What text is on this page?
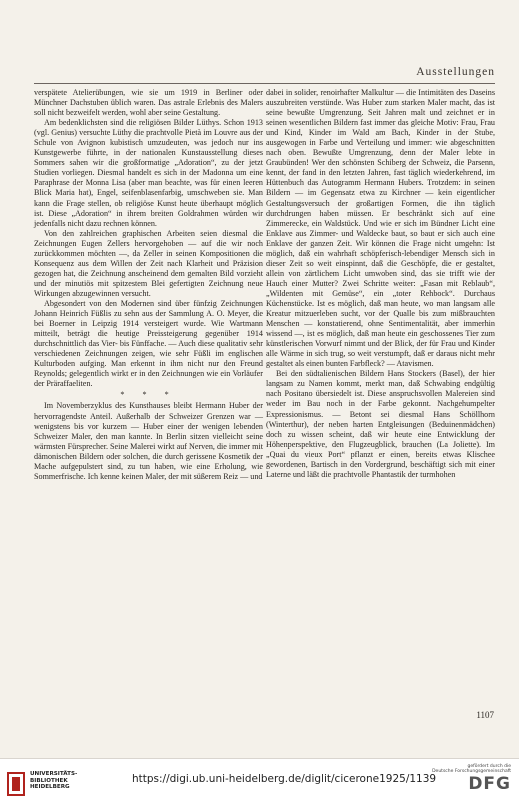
Ausstellungen

verspätete Atelierübungen, wie sie um 1919 in Berliner oder Münchner Dachstuben üblich waren. Das astrale Erlebnis des Malers soll nicht bezweifelt werden, wohl aber seine Gestaltung.

Am bedenklichsten sind die religiösen Bilder Lüthys. Schon 1913 (vgl. Genius) versuchte Lüthy die prachtvolle Pietà im Louvre aus der Schule von Avignon kubistisch umzudeuten, was jedoch nur ins Kunstgewerbe führte, in der nationalen Kunstausstellung dieses Sommers sahen wir die großformatige „Adoration“, zu der jetzt Studien vorliegen. Diesmal handelt es sich in der Madonna um eine Paraphrase der Monna Lisa (aber man beachte, was für einen leeren Blick Maria hat), Engel, seifenblasenfarbig, umschweben sie. Man kann die Frage stellen, ob religiöse Kunst heute überhaupt möglich ist. Diese „Adoration“ in ihrem breiten Goldrahmen würden wir jedenfalls nicht dazu rechnen können.

Von den zahlreichen graphischen Arbeiten seien diesmal die Zeichnungen Eugen Zellers hervorgehoben — auf die wir noch zurückkommen möchten —, da Zeller in seinen Kompositionen die Konsequenz aus dem Willen der Zeit nach Klarheit und Präzision gezogen hat, die Zeichnung anscheinend dem gemalten Bild vorzieht und der minutiös mit spitzestem Blei gefertigten Zeichnung neue Wirkungen abzugewinnen versucht.

Abgesondert von den Modernen sind über fünfzig Zeichnungen Johann Heinrich Füßlis zu sehn aus der Sammlung A. O. Meyer, die bei Boerner in Leipzig 1914 versteigert wurde. Wie Wartmann mitteilt, beträgt die heutige Preissteigerung gegenüber 1914 durchschnittlich das Vier- bis Fünffache. — Auch diese qualitativ sehr verschiedenen Zeichnungen zeigen, wie sehr Füßli im englischen Kulturboden aufging. Man erkennt in ihm nicht nur den Freund Reynolds; gelegentlich wirkt er in den Zeichnungen wie ein Vorläufer der Präraffaeliten.

* * *

Im Novemberzyklus des Kunsthauses bleibt Hermann Huber der hervorragendste Anteil. Außerhalb der Schweizer Grenzen war — wenigstens bis vor kurzem — Huber einer der wenigen lebenden Schweizer Maler, den man kannte. In Berlin sitzen vielleicht seine wärmsten Fürsprecher. Seine Malerei wirkt auf Nerven, die immer mit dämonischen Bildern oder solchen, die durch gerissene Kosmetik der Mache aufgepulstert sind, zu tun haben, wie eine Erholung, wie Sommerfrische. Ich kenne keinen Maler, der mit süßerem Reiz — und

dabei in solider, renoirhafter Malkultur — die Intimitäten des Daseins auszubreiten verstünde. Was Huber zum starken Maler macht, das ist seine bewußte Umgrenzung. Seit Jahren malt und zeichnet er in seinen wesentlichen Bildern fast immer das gleiche Motiv: Frau, Frau und Kind, Kinder im Wald am Bach, Kinder in der Stube, ausgewogen in Farbe und Verteilung und immer: wie abgeschnitten nach oben. Bewußte Umgrenzung, denn der Maler lebte in Graubünden! Wer den schönsten Schiberg der Schweiz, die Parsenn, kennt, der fand in den letzten Jahren, fast täglich wiederkehrend, im Hüttenbuch das Autogramm Hermann Hubers. Trotzdem: in seinen Bildern — im Gegensatz etwa zu Kirchner — kein eigentlicher Gestaltungsversuch der großartigen Formen, die ihn täglich durchdrungen haben müssen. Er beschränkt sich auf eine Zimmerecke, ein Waldstück. Und wie er sich im Bündner Licht eine Enklave aus Zimmer- und Waldecke baut, so baut er sich auch eine Enklave der ganzen Zeit. Wir können die Frage nicht umgehn: Ist möglich, daß ein wahrhaft schöpferisch-lebendiger Mensch sich in dieser Zeit so weit einspinnt, daß die Geschöpfe, die er gestaltet, allein von zärtlichem Licht umwoben sind, das sie trifft wie der Hauch einer Mutter? Zwei Schritte weiter: „Fasan mit Reblaub“, „Wildenten mit Gemüse“, ein „toter Rehbock“. Durchaus Küchenstücke. Ist es möglich, daß man heute, wo man langsam alle Kreatur mitzuerleben sucht, vor der Qualle bis zum mißbrauchten Menschen — konstatierend, ohne Sentimentalität, aber immerhin wissend —, ist es möglich, daß man heute ein geschossenes Tier zum künstlerischen Vorwurf nimmt und der Blick, der für Frau und Kinder alle Wärme in sich trug, so weit verstumpft, daß er daraus nicht mehr gestaltet als einen bunten Farbfleck? — Atavismen.

Bei den südtalienischen Bildern Hans Stockers (Basel), der hier langsam zu Namen kommt, merkt man, daß Schwabing endgültig nach Positano übersiedelt ist. Diese anspruchsvollen Malereien sind weder im Bau noch in der Farbe gekonnt. Nachgehumpelter Expressionismus. — Betont sei diesmal Hans Schöllhorn (Winterthur), der neben harten Entgleisungen (Beduinenmädchen) doch zu wissen scheint, daß wir heute eine Entwicklung der Höhenperspektive, den Flugzeugblick, brauchen (La Joliette). Im „Quai du vieux Port“ pflanzt er einen, bereits etwas Klischee gewordenen, Bartisch in den Vordergrund, beschäftigt sich mit einer Laterne und läßt die prachtvolle Phantastik der turmhohen

1107
UNIVERSITÄTS-
BIBLIOTHEK
HEIDELBERG
https://digi.ub.uni-heidelberg.de/diglit/cicerone1925/1139
gefördert durch die
Deutsche Forschungsgemeinschaft
DFG
